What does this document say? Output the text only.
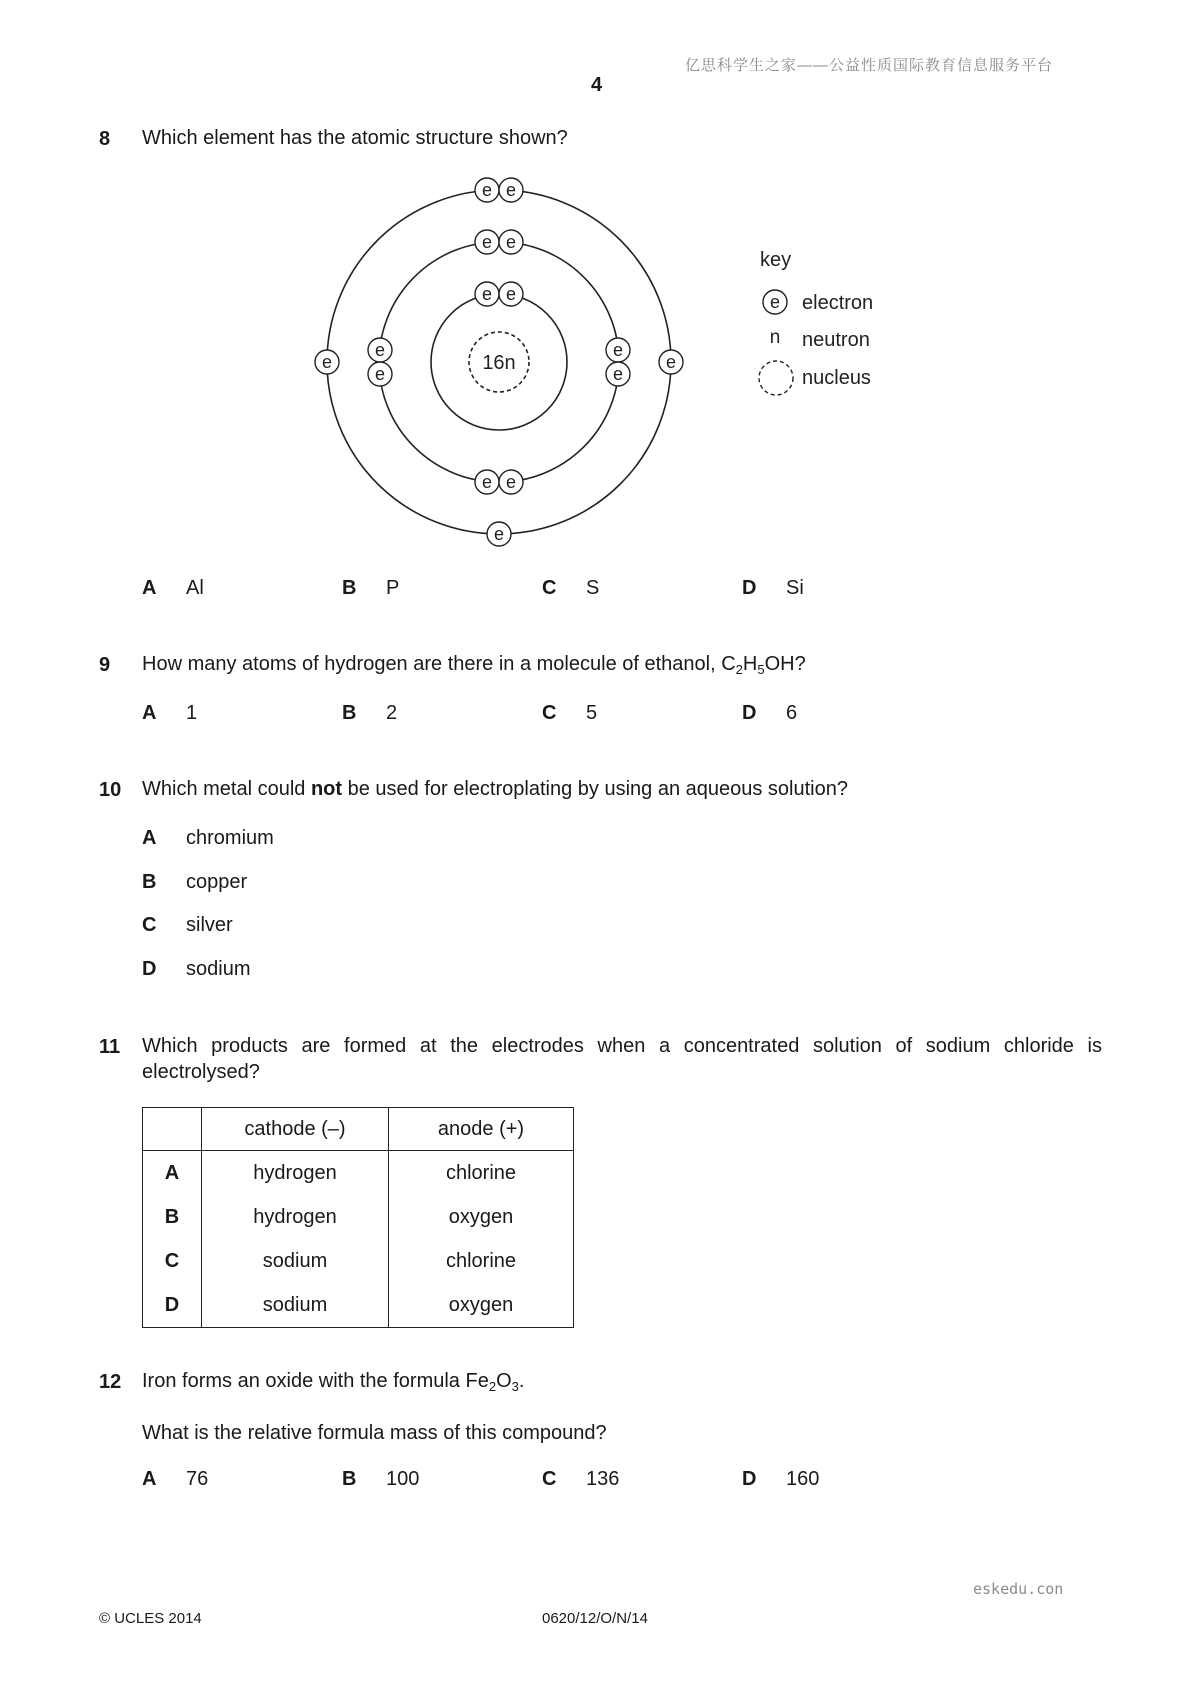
亿思科学生之家——公益性质国际教育信息服务平台
4
8 Which element has the atomic structure shown?
16n
e e
e e
e e
e
e
e
e
e e
e	e
e
key
e electron
n neutron
nucleus
A Al	B P	C S	D Si
9 How many atoms of hydrogen are there in a molecule of ethanol, $C_2H_5OH$?
A 1	B 2	C 5	D 6
10 Which metal could not be used for electroplating by using an aqueous solution?
A chromium
B copper
C silver
D sodium
11 Which products are formed at the electrodes when a concentrated solution of sodium chloride is
electrolysed?
	cathode (–)	anode (+)
A	hydrogen	chlorine
B	hydrogen	oxygen
C	sodium	chlorine
D	sodium	oxygen
12 Iron forms an oxide with the formula $Fe_2O_3$.
What is the relative formula mass of this compound?
A 76	B 100	C 136	D 160
eskedu.con
© UCLES 2014	0620/12/O/N/14
